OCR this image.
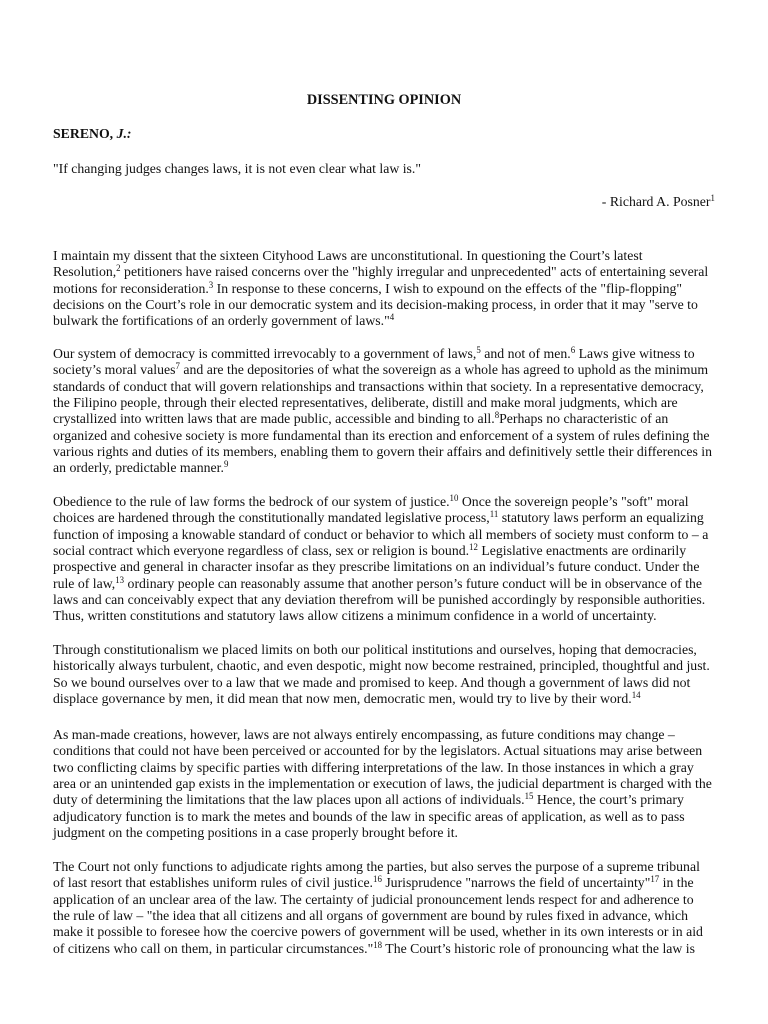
DISSENTING OPINION
SERENO, J.:
"If changing judges changes laws, it is not even clear what law is."
- Richard A. Posner$^1$
I maintain my dissent that the sixteen Cityhood Laws are unconstitutional. In questioning the Court’s latest
Resolution,$^2$ petitioners have raised concerns over the "highly irregular and unprecedented" acts of entertaining several
motions for reconsideration.$^3$ In response to these concerns, I wish to expound on the effects of the "flip-flopping"
decisions on the Court’s role in our democratic system and its decision-making process, in order that it may "serve to
bulwark the fortifications of an orderly government of laws."$^4$
Our system of democracy is committed irrevocably to a government of laws,$^5$ and not of men.$^6$ Laws give witness to
society’s moral values$^7$ and are the depositories of what the sovereign as a whole has agreed to uphold as the minimum
standards of conduct that will govern relationships and transactions within that society. In a representative democracy,
the Filipino people, through their elected representatives, deliberate, distill and make moral judgments, which are
crystallized into written laws that are made public, accessible and binding to all.$^8$Perhaps no characteristic of an
organized and cohesive society is more fundamental than its erection and enforcement of a system of rules defining the
various rights and duties of its members, enabling them to govern their affairs and definitively settle their differences in
an orderly, predictable manner.$^9$
Obedience to the rule of law forms the bedrock of our system of justice.$^{10}$ Once the sovereign people’s "soft" moral
choices are hardened through the constitutionally mandated legislative process,$^{11}$ statutory laws perform an equalizing
function of imposing a knowable standard of conduct or behavior to which all members of society must conform to – a
social contract which everyone regardless of class, sex or religion is bound.$^{12}$ Legislative enactments are ordinarily
prospective and general in character insofar as they prescribe limitations on an individual’s future conduct. Under the
rule of law,$^{13}$ ordinary people can reasonably assume that another person’s future conduct will be in observance of the
laws and can conceivably expect that any deviation therefrom will be punished accordingly by responsible authorities.
Thus, written constitutions and statutory laws allow citizens a minimum confidence in a world of uncertainty.
Through constitutionalism we placed limits on both our political institutions and ourselves, hoping that democracies,
historically always turbulent, chaotic, and even despotic, might now become restrained, principled, thoughtful and just.
So we bound ourselves over to a law that we made and promised to keep. And though a government of laws did not
displace governance by men, it did mean that now men, democratic men, would try to live by their word.$^{14}$
As man-made creations, however, laws are not always entirely encompassing, as future conditions may change –
conditions that could not have been perceived or accounted for by the legislators. Actual situations may arise between
two conflicting claims by specific parties with differing interpretations of the law. In those instances in which a gray
area or an unintended gap exists in the implementation or execution of laws, the judicial department is charged with the
duty of determining the limitations that the law places upon all actions of individuals.$^{15}$ Hence, the court’s primary
adjudicatory function is to mark the metes and bounds of the law in specific areas of application, as well as to pass
judgment on the competing positions in a case properly brought before it.
The Court not only functions to adjudicate rights among the parties, but also serves the purpose of a supreme tribunal
of last resort that establishes uniform rules of civil justice.$^{16}$ Jurisprudence "narrows the field of uncertainty"$^{17}$ in the
application of an unclear area of the law. The certainty of judicial pronouncement lends respect for and adherence to
the rule of law – "the idea that all citizens and all organs of government are bound by rules fixed in advance, which
make it possible to foresee how the coercive powers of government will be used, whether in its own interests or in aid
of citizens who call on them, in particular circumstances."$^{18}$ The Court’s historic role of pronouncing what the law is
